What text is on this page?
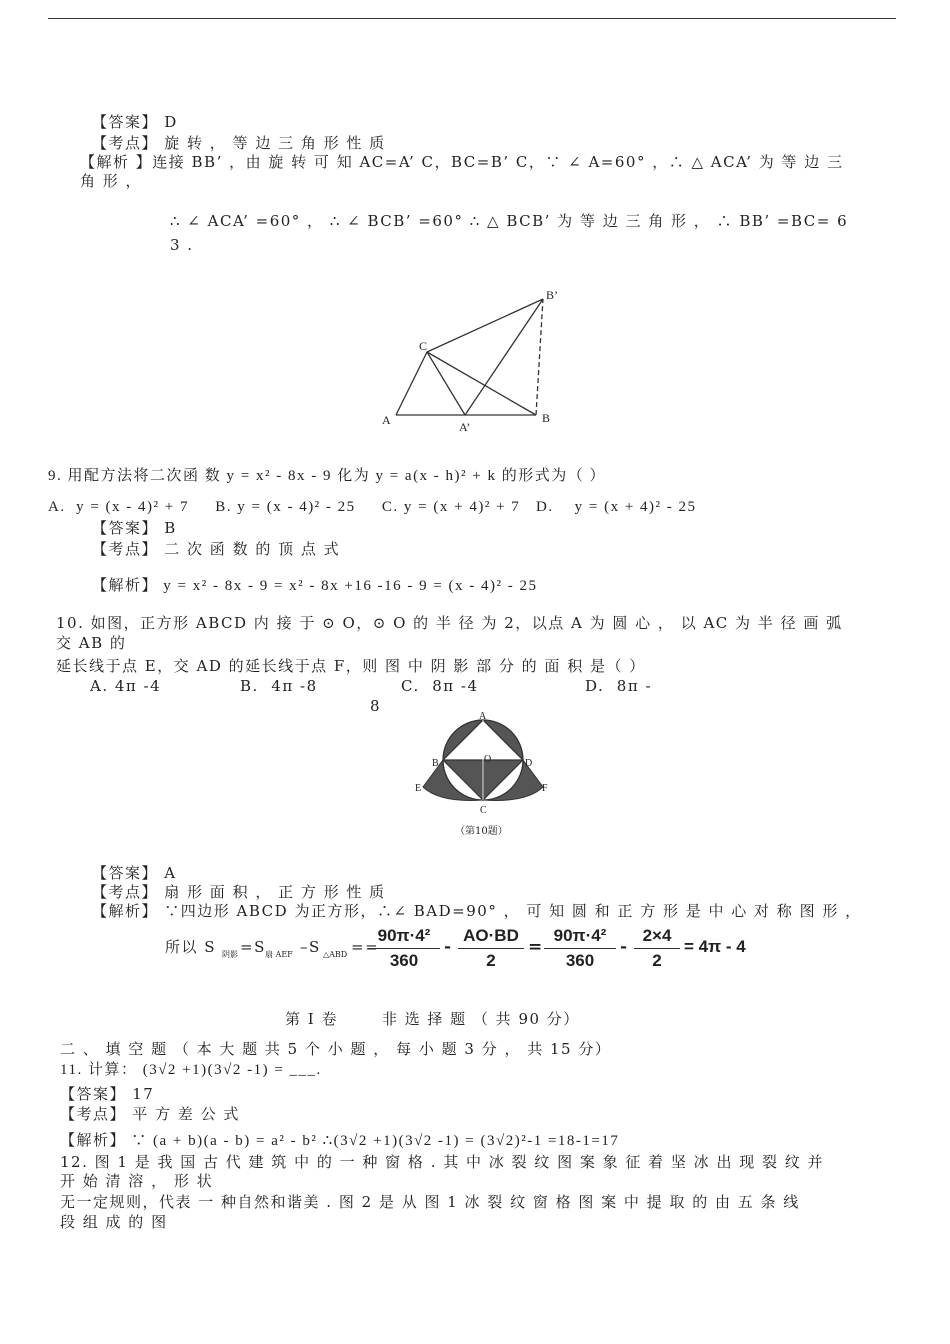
【答案】 D
【考点】 旋 转 ， 等 边 三 角 形 性 质
【解析 】连接 BB’ ，由 旋 转 可 知 AC=A’ C，BC=B’ C，∵ ∠ A=60° ，∴ △ ACA’ 为 等 边 三
角 形 ，
∴ ∠ ACA’ =60° ， ∴ ∠ BCB’ =60° ∴ △ BCB’ 为 等 边 三 角 形 ， ∴ BB’ =BC= 6
3 .
A	A’
B
B’
C
9. 用配方法将二次函 数 y = x² - 8x - 9 化为 y = a(x - h)² + k 的形式为（ ）
A.  y = (x - 4)² + 7     B. y = (x - 4)² - 25     C. y = (x + 4)² + 7   D.    y = (x + 4)² - 25
【答案】 B
【考点】 二 次 函 数 的 顶 点 式
【解析】 y = x² - 8x - 9 = x² - 8x +16 -16 - 9 = (x - 4)² - 25
10. 如图，正方形 ABCD 内 接 于 ⊙ O，⊙ O 的 半 径 为 2，以点 A 为 圆 心 ， 以 AC 为 半 径 画 弧
交 AB 的
延长线于点 E，交 AD 的延长线于点 F，则 图 中 阴 影 部 分 的 面 积 是（ ）
A. 4π -4	B.  4π -8	C.  8π -4	D.  8π -
8
A
B	D
E	F
O
C
（第10题）
【答案】 A
【考点】 扇 形 面 积 ， 正 方 形 性 质
【解析】 ∵四边形 ABCD 为正方形，∴∠ BAD=90° ， 可 知 圆 和 正 方 形 是 中 心 对 称 图 形 ，
所以 S 阴影 =S 扇 AEF –S △ABD ==
$\frac{\text{90π·4²}}{360} - \frac{AO\cdot BD}{2} = \frac{\text{90π·4²}}{360} - \frac{2\times 4}{2} = 4\pi - 4$
第 I 卷       非 选 择 题 （ 共 90 分）
二 、 填 空 题 （ 本 大 题 共 5 个 小 题 ， 每 小 题 3 分 ， 共 15 分）
11. 计算： (3√2 +1)(3√2 -1) = ___.
【答案】 17
【考点】 平 方 差 公 式
【解析】 ∵ (a + b)(a - b) = a² - b² ∴(3√2 +1)(3√2 -1) = (3√2)²-1 =18-1=17
12. 图 1 是 我 国 古 代 建 筑 中 的 一 种 窗 格 . 其 中 冰 裂 纹 图 案 象 征 着 坚 冰 出 现 裂 纹 并
开 始 清 溶 ， 形 状
无一定规则，代表 一 种自然和谐美 . 图 2 是 从 图 1 冰 裂 纹 窗 格 图 案 中 提 取 的 由 五 条 线
段 组 成 的 图
